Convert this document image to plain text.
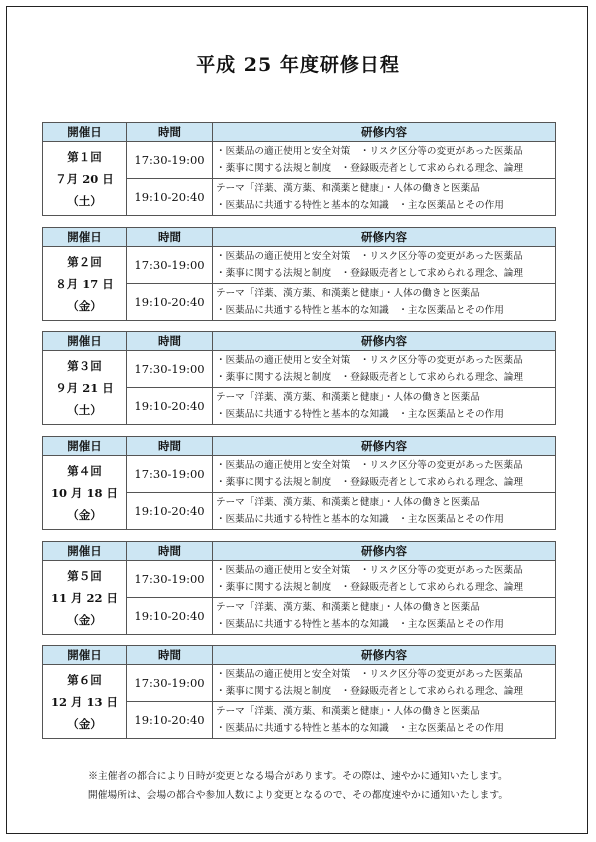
平成 25 年度研修日程
開催日	時間	研修内容

第１回
７月 20 日
（土）	17:30-19:00	・医薬品の適正使用と安全対策　・リスク区分等の変更があった医薬品
・薬事に関する法規と制度　・登録販売者として求められる理念、論理

	19:10-20:40	テーマ「洋薬、漢方薬、和漢薬と健康」・人体の働きと医薬品
・医薬品に共通する特性と基本的な知識　・主な医薬品とその作用
開催日	時間	研修内容

第２回
８月 17 日
（金）	17:30-19:00	・医薬品の適正使用と安全対策　・リスク区分等の変更があった医薬品
・薬事に関する法規と制度　・登録販売者として求められる理念、論理

	19:10-20:40	テーマ「洋薬、漢方薬、和漢薬と健康」・人体の働きと医薬品
・医薬品に共通する特性と基本的な知識　・主な医薬品とその作用
開催日	時間	研修内容

第３回
９月 21 日
（土）	17:30-19:00	・医薬品の適正使用と安全対策　・リスク区分等の変更があった医薬品
・薬事に関する法規と制度　・登録販売者として求められる理念、論理

	19:10-20:40	テーマ「洋薬、漢方薬、和漢薬と健康」・人体の働きと医薬品
・医薬品に共通する特性と基本的な知識　・主な医薬品とその作用
開催日	時間	研修内容

第４回
10 月 18 日
（金）	17:30-19:00	・医薬品の適正使用と安全対策　・リスク区分等の変更があった医薬品
・薬事に関する法規と制度　・登録販売者として求められる理念、論理

	19:10-20:40	テーマ「洋薬、漢方薬、和漢薬と健康」・人体の働きと医薬品
・医薬品に共通する特性と基本的な知識　・主な医薬品とその作用
開催日	時間	研修内容

第５回
11 月 22 日
（金）	17:30-19:00	・医薬品の適正使用と安全対策　・リスク区分等の変更があった医薬品
・薬事に関する法規と制度　・登録販売者として求められる理念、論理

	19:10-20:40	テーマ「洋薬、漢方薬、和漢薬と健康」・人体の働きと医薬品
・医薬品に共通する特性と基本的な知識　・主な医薬品とその作用
開催日	時間	研修内容

第６回
12 月 13 日
（金）	17:30-19:00	・医薬品の適正使用と安全対策　・リスク区分等の変更があった医薬品
・薬事に関する法規と制度　・登録販売者として求められる理念、論理

	19:10-20:40	テーマ「洋薬、漢方薬、和漢薬と健康」・人体の働きと医薬品
・医薬品に共通する特性と基本的な知識　・主な医薬品とその作用
※主催者の都合により日時が変更となる場合があります。その際は、速やかに通知いたします。
開催場所は、会場の都合や参加人数により変更となるので、その都度速やかに通知いたします。
